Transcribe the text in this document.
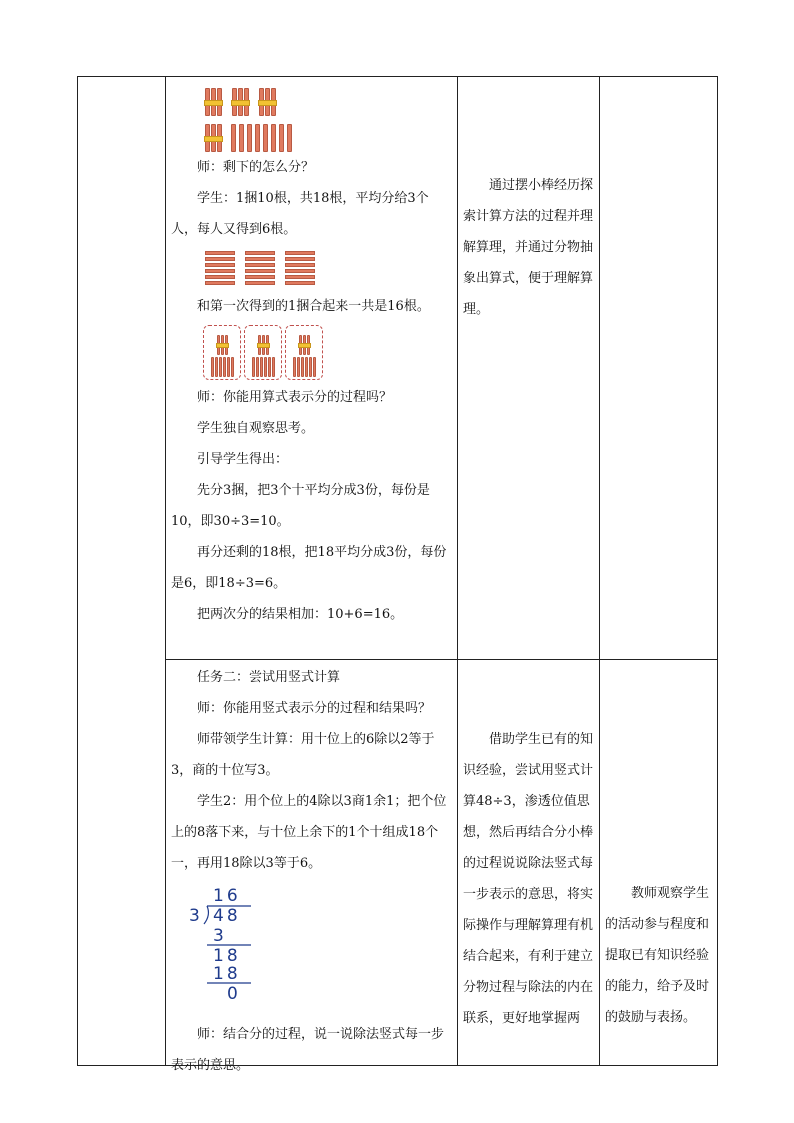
师：剩下的怎么分？

学生：1捆10根，共18根，平均分给3个人，每人又得到6根。

和第一次得到的1捆合起来一共是16根。

师：你能用算式表示分的过程吗？

学生独自观察思考。

引导学生得出：

先分3捆，把3个十平均分成3份，每份是10，即30÷3=10。

再分还剩的18根，把18平均分成3份，每份是6，即18÷3=6。

把两次分的结果相加：10+6=16。

任务二：尝试用竖式计算

师：你能用竖式表示分的过程和结果吗？

师带领学生计算：用十位上的6除以2等于3，商的十位写3。

学生2：用个位上的4除以3商1余1；把个位上的8落下来，与十位上余下的1个十组成18个一，再用18除以3等于6。

16
3 48
3
18
18
0

师：结合分的过程，说一说除法竖式每一步表示的意思。

通过摆小棒经历探索计算方法的过程并理解算理，并通过分物抽象出算式，便于理解算理。

借助学生已有的知识经验，尝试用竖式计算48÷3，渗透位值思想，然后再结合分小棒的过程说说除法竖式每一步表示的意思，将实际操作与理解算理有机结合起来，有利于建立分物过程与除法的内在联系，更好地掌握两

教师观察学生的活动参与程度和提取已有知识经验的能力，给予及时的鼓励与表扬。
